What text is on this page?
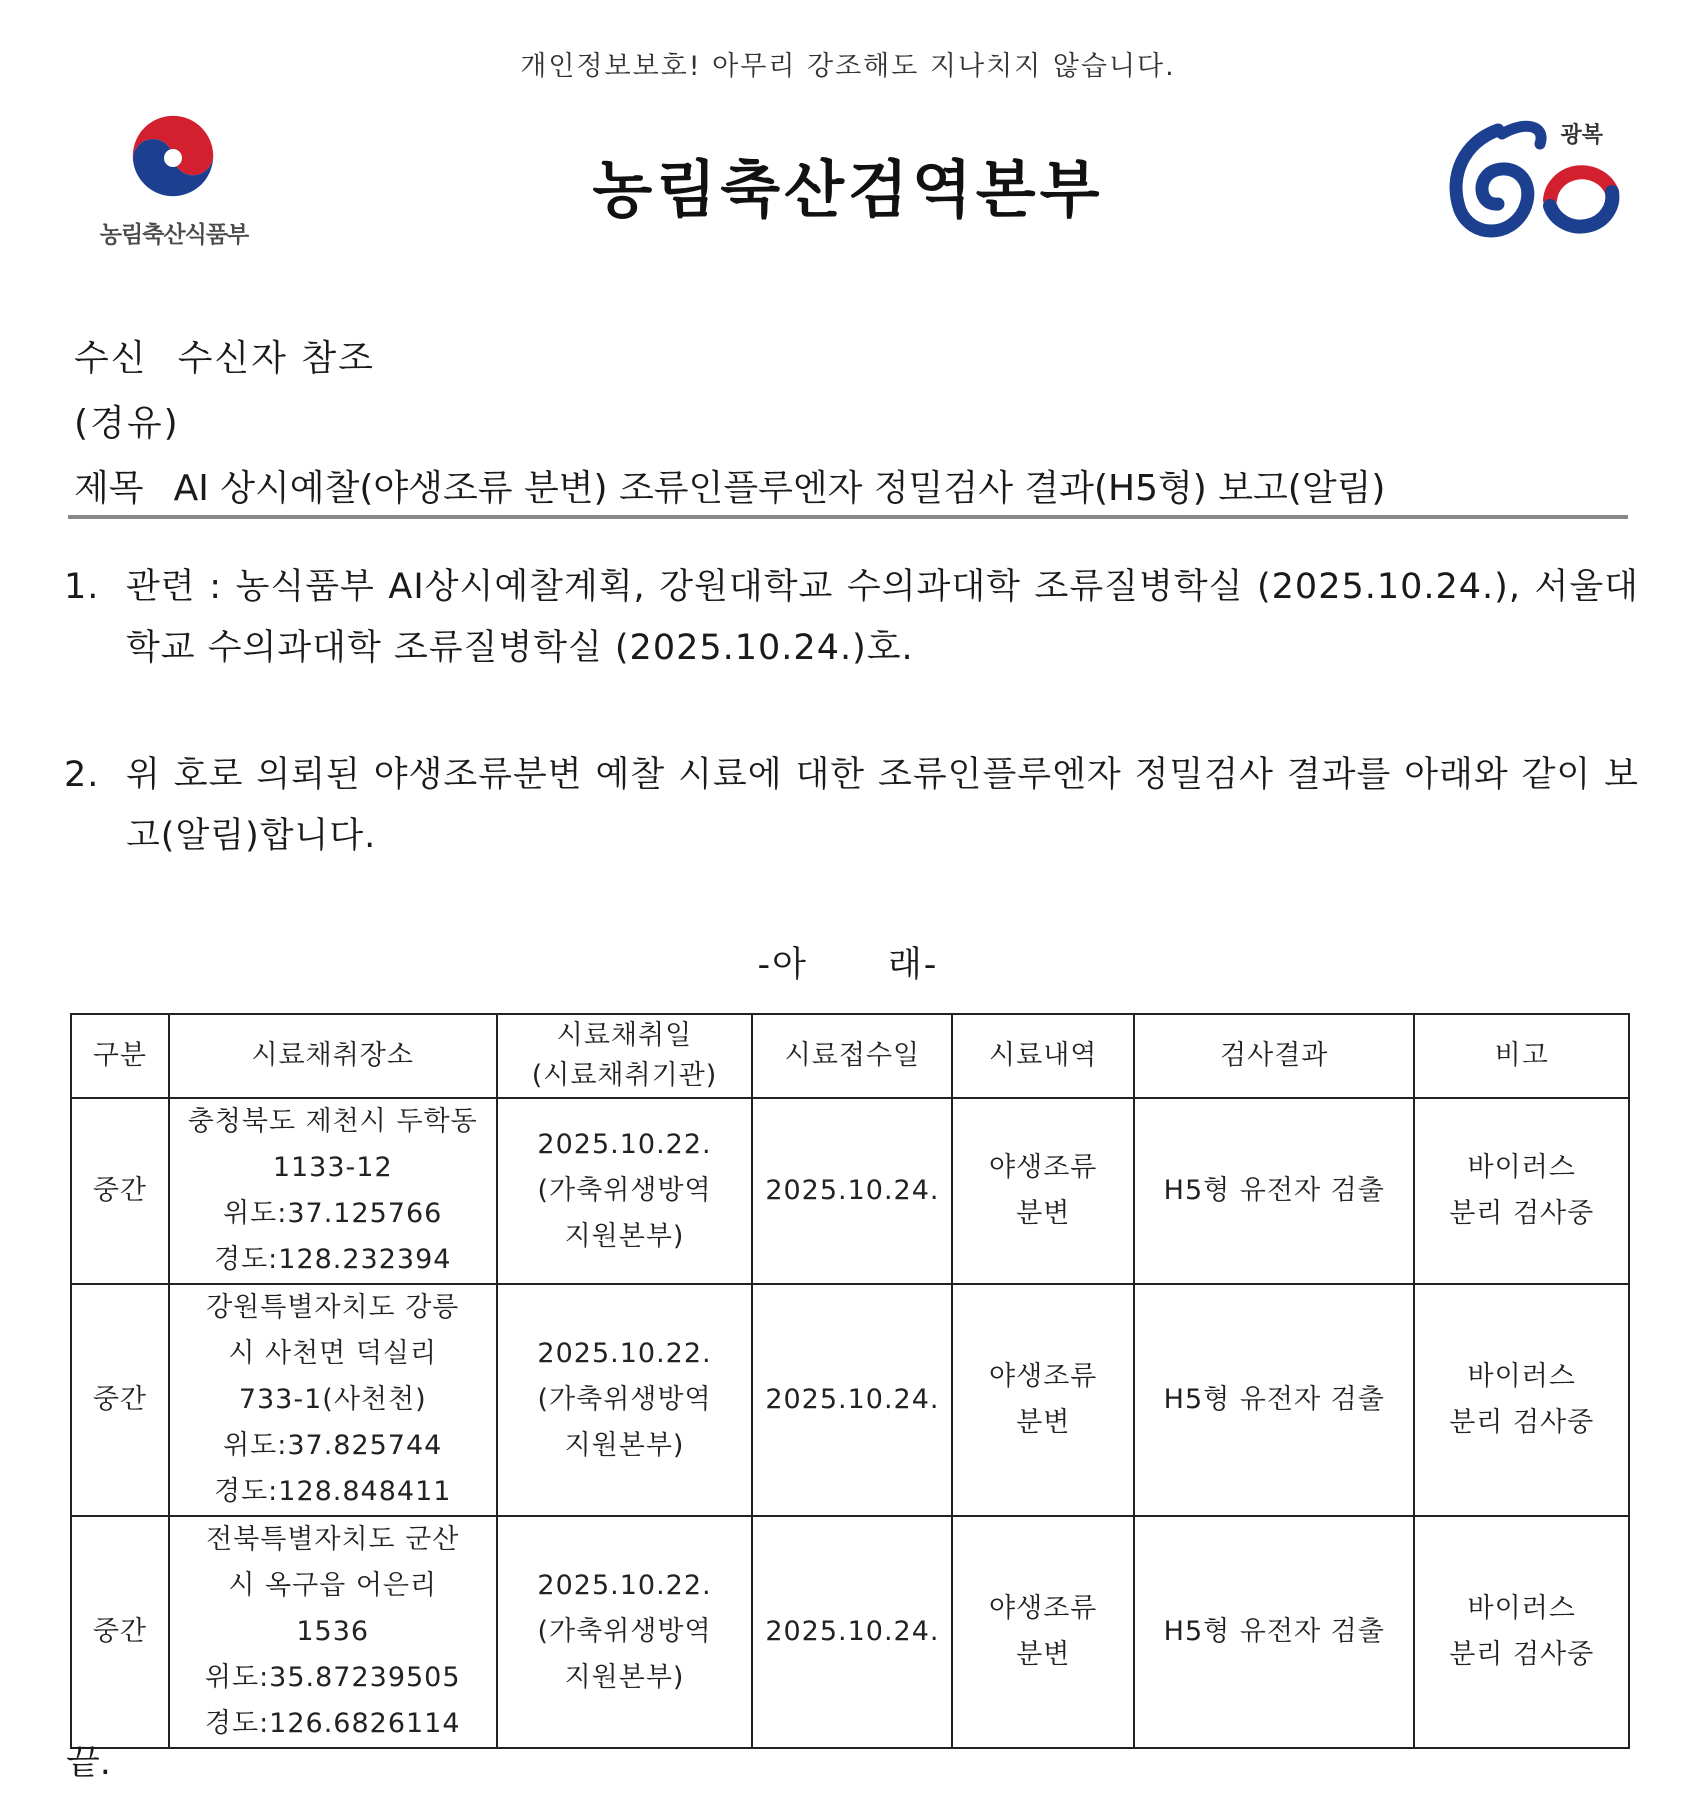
개인정보보호! 아무리 강조해도 지나치지 않습니다.
농림축산식품부
농림축산검역본부
광복
수신 수신자 참조
(경유)
제목 AI 상시예찰(야생조류 분변) 조류인플루엔자 정밀검사 결과(H5형) 보고(알림)
1. 관련 : 농식품부 AI상시예찰계획, 강원대학교 수의과대학 조류질병학실 (2025.10.24.), 서울대학교 수의과대학 조류질병학실 (2025.10.24.)호.
2. 위 호로 의뢰된 야생조류분변 예찰 시료에 대한 조류인플루엔자 정밀검사 결과를 아래와 같이 보고(알림)합니다.
-아 래-
구분	시료채취장소	시료채취일
(시료채취기관)	시료접수일	시료내역	검사결과	비고
중간	충청북도 제천시 두학동
1133-12
위도:37.125766
경도:128.232394	2025.10.22.
(가축위생방역
지원본부)	2025.10.24.	야생조류
분변	H5형 유전자 검출	바이러스
분리 검사중

중간	강원특별자치도 강릉
시 사천면 덕실리
733-1(사천천)
위도:37.825744
경도:128.848411	2025.10.22.
(가축위생방역
지원본부)	2025.10.24.	야생조류
분변	H5형 유전자 검출	바이러스
분리 검사중

중간	전북특별자치도 군산
시 옥구읍 어은리
1536
위도:35.87239505
경도:126.6826114	2025.10.22.
(가축위생방역
지원본부)	2025.10.24.	야생조류
분변	H5형 유전자 검출	바이러스
분리 검사중
끝.
